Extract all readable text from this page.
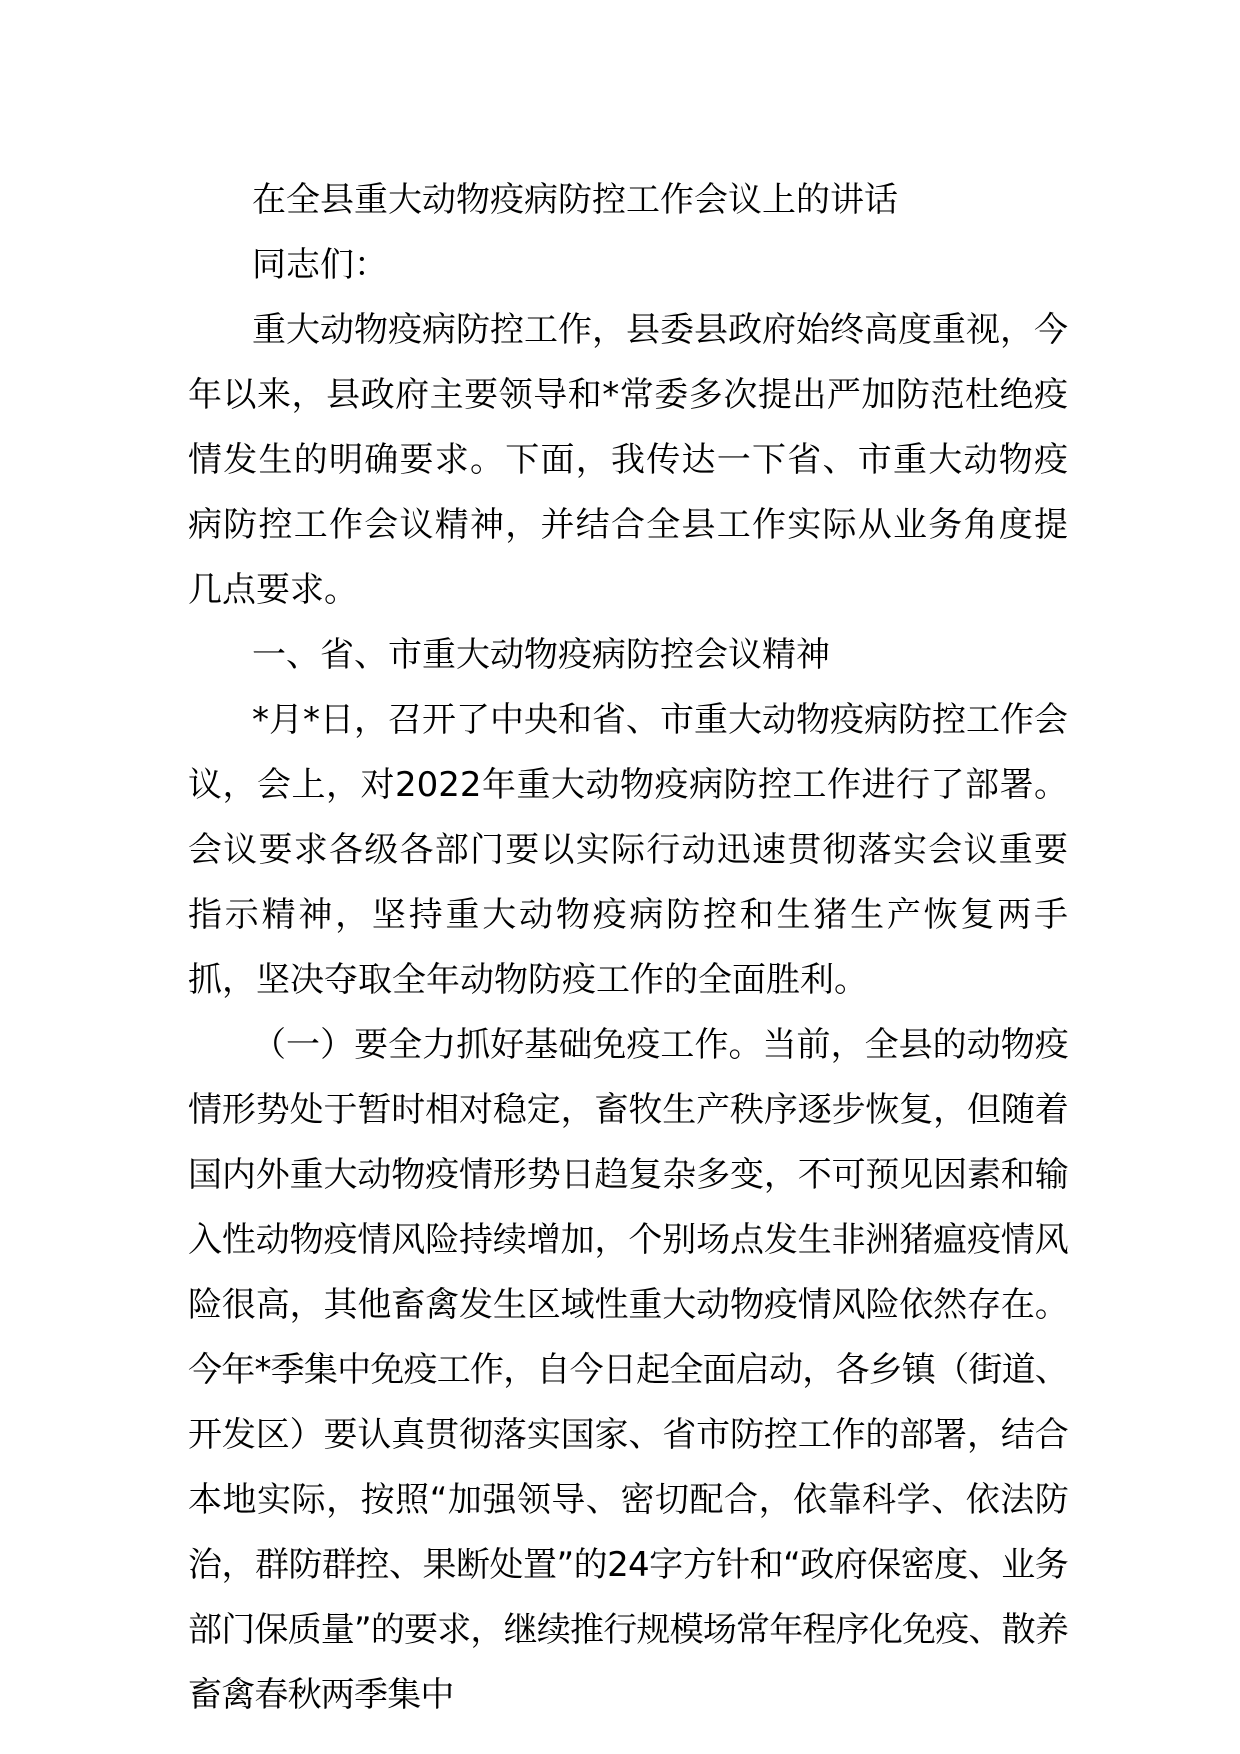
在全县重大动物疫病防控工作会议上的讲话

同志们：

重大动物疫病防控工作，县委县政府始终高度重视，今年以来，县政府主要领导和*常委多次提出严加防范杜绝疫情发生的明确要求。下面，我传达一下省、市重大动物疫病防控工作会议精神，并结合全县工作实际从业务角度提几点要求。

一、省、市重大动物疫病防控会议精神

*月*日，召开了中央和省、市重大动物疫病防控工作会议，会上，对2022年重大动物疫病防控工作进行了部署。会议要求各级各部门要以实际行动迅速贯彻落实会议重要指示精神，坚持重大动物疫病防控和生猪生产恢复两手抓，坚决夺取全年动物防疫工作的全面胜利。

（一）要全力抓好基础免疫工作。当前，全县的动物疫情形势处于暂时相对稳定，畜牧生产秩序逐步恢复，但随着国内外重大动物疫情形势日趋复杂多变，不可预见因素和输入性动物疫情风险持续增加，个别场点发生非洲猪瘟疫情风险很高，其他畜禽发生区域性重大动物疫情风险依然存在。今年*季集中免疫工作，自今日起全面启动，各乡镇（街道、开发区）要认真贯彻落实国家、省市防控工作的部署，结合本地实际，按照“加强领导、密切配合，依靠科学、依法防治，群防群控、果断处置”的24字方针和“政府保密度、业务部门保质量”的要求，继续推行规模场常年程序化免疫、散养畜禽春秋两季集中
